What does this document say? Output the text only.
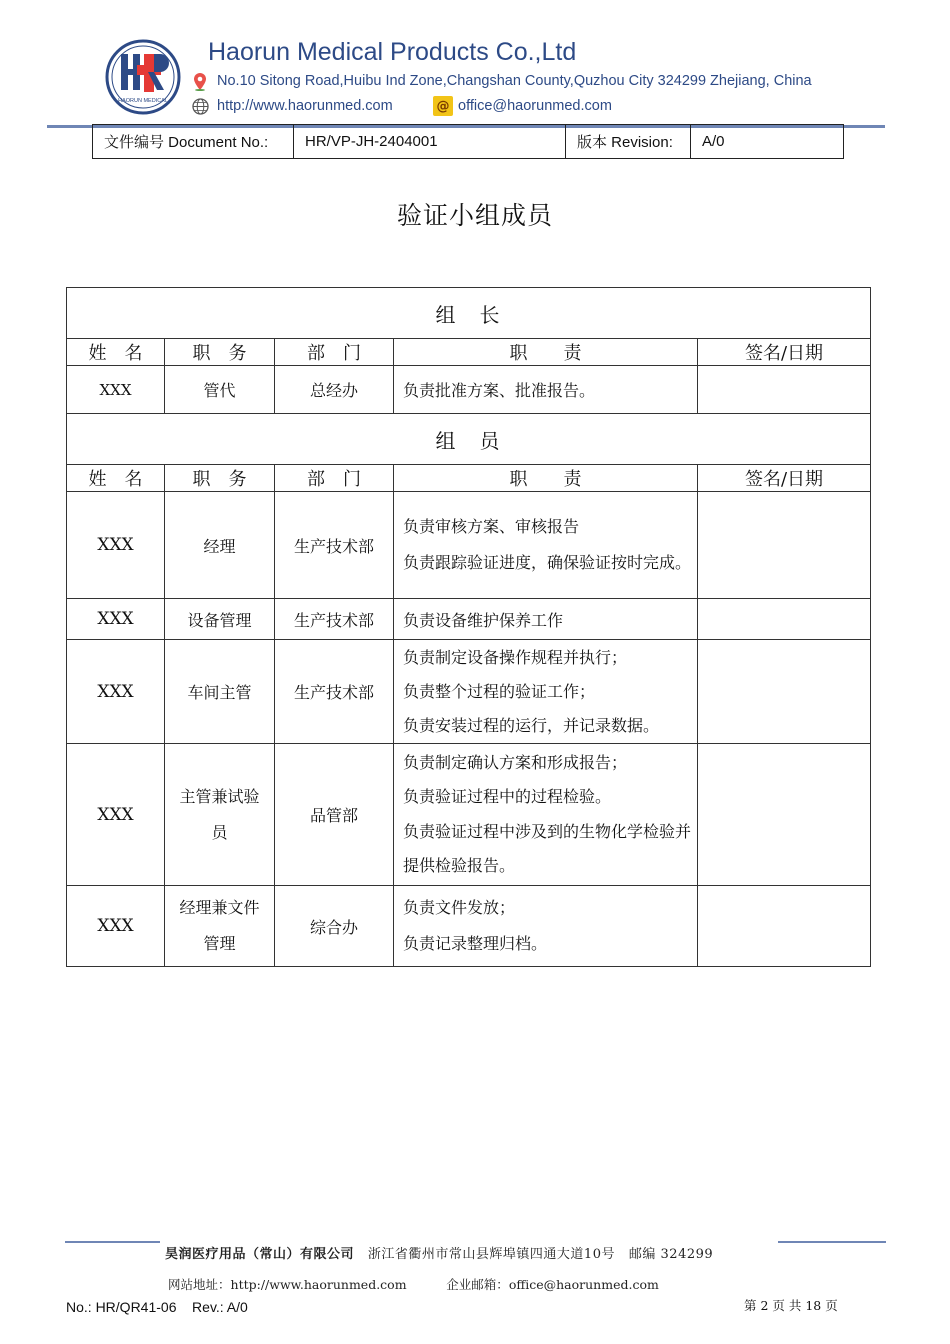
HAORUN MEDICAL
Haorun Medical Products Co.,Ltd
No.10 Sitong Road,Huibu Ind Zone,Changshan County,Quzhou City 324299 Zhejiang, China
http://www.haorunmed.com	@ office@haorunmed.com
文件编号 Document No.:	HR/VP-JH-2404001	版本 Revision:	A/0
验证小组成员
组　长				
姓　名	职　务	部　门	职　　责	签名/日期
XXX	管代	总经办	负责批准方案、批准报告。	
组　员				
姓　名	职　务	部　门	职　　责	签名/日期
XXX	经理	生产技术部	负责审核方案、审核报告
负责跟踪验证进度，确保验证按时完成。	

XXX	设备管理	生产技术部	负责设备维护保养工作	
XXX	车间主管	生产技术部	负责制定设备操作规程并执行；
负责整个过程的验证工作；
负责安装过程的运行，并记录数据。	

XXX	主管兼试验员	品管部	负责制定确认方案和形成报告；
负责验证过程中的过程检验。
负责验证过程中涉及到的生物化学检验并提供检验报告。	

XXX	经理兼文件管理	综合办	负责文件发放；
负责记录整理归档。	

昊润医疗用品（常山）有限公司 浙江省衢州市常山县辉埠镇四通大道10号 邮编 324299
网站地址：http://www.haorunmed.com	企业邮箱：office@haorunmed.com
No.: HR/QR41-06 Rev.: A/0	第 2 页 共 18 页
